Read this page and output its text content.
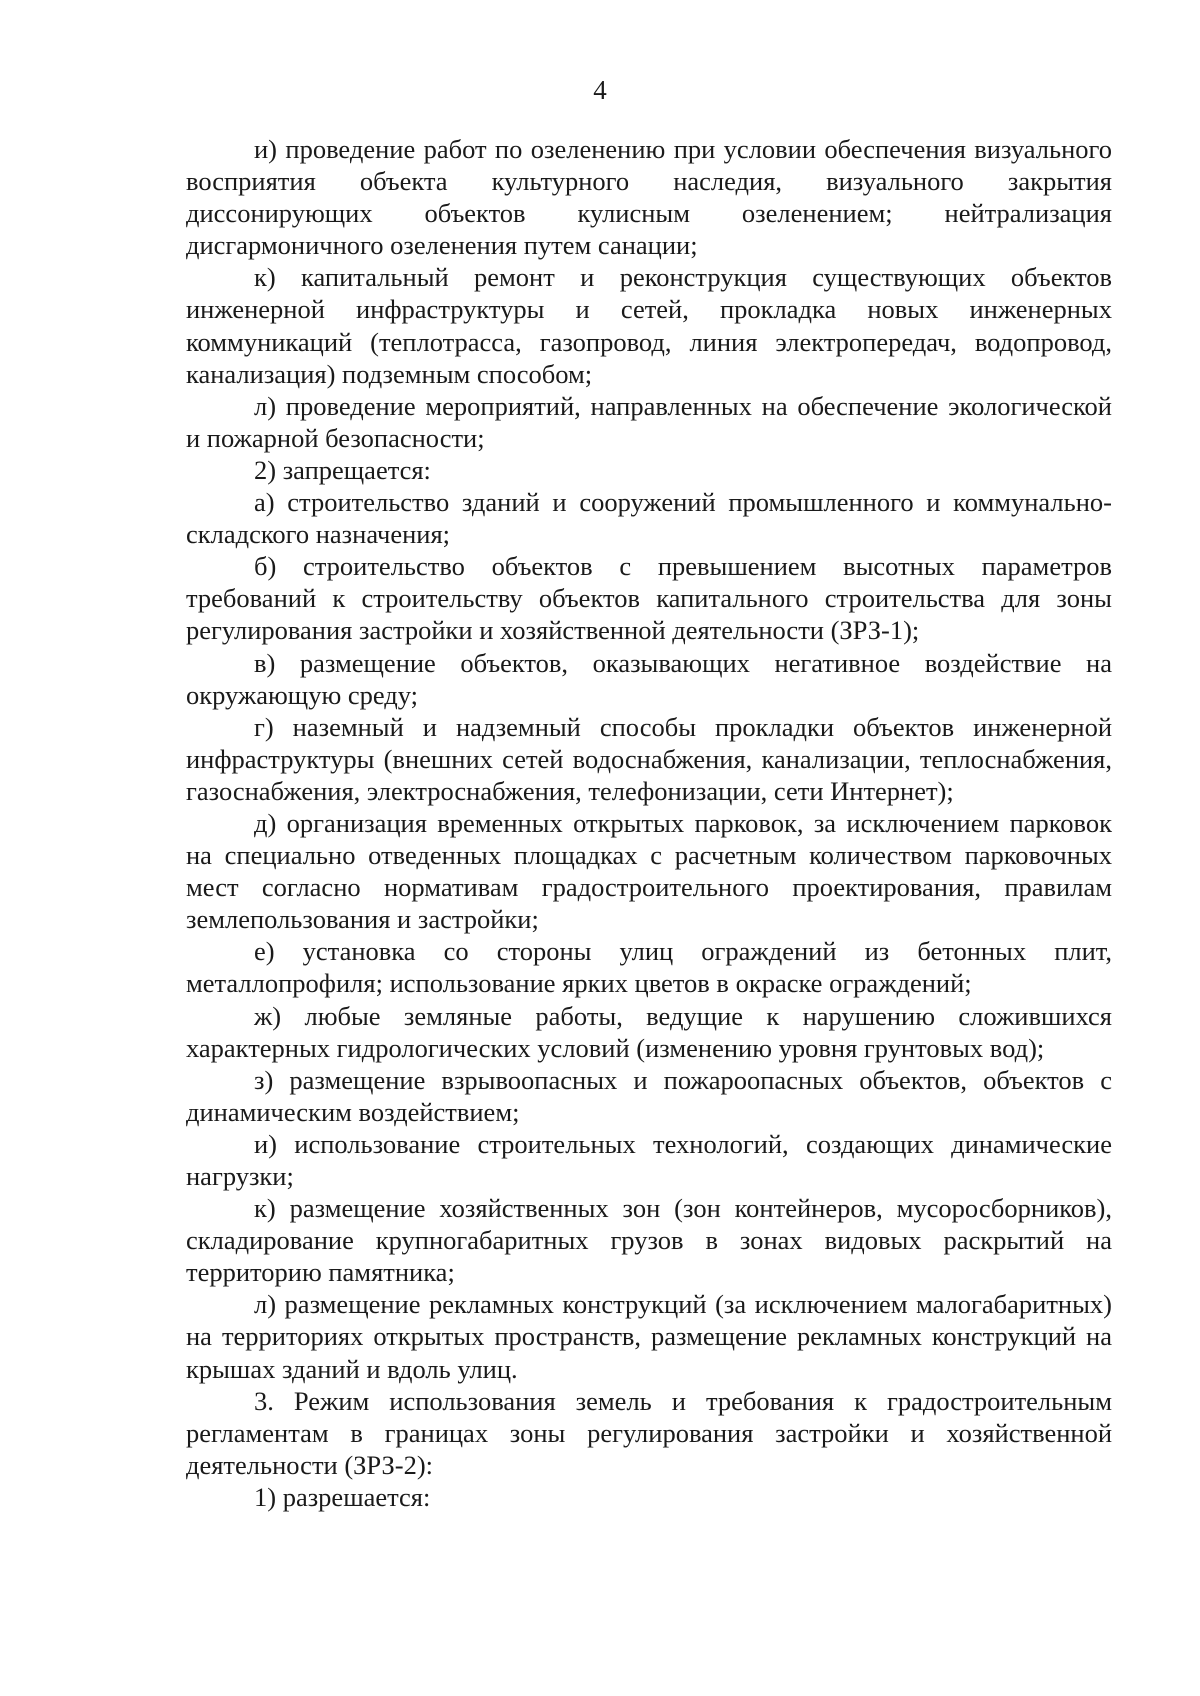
4

и) проведение работ по озеленению при условии обеспечения визуального восприятия объекта культурного наследия, визуального закрытия диссонирующих объектов кулисным озеленением; нейтрализация дисгармоничного озеленения путем санации;

к) капитальный ремонт и реконструкция существующих объектов инженерной инфраструктуры и сетей, прокладка новых инженерных коммуникаций (теплотрасса, газопровод, линия электропередач, водопровод, канализация) подземным способом;

л) проведение мероприятий, направленных на обеспечение экологической и пожарной безопасности;

2) запрещается:

а) строительство зданий и сооружений промышленного и коммунально-складского назначения;

б) строительство объектов с превышением высотных параметров требований к строительству объектов капитального строительства для зоны регулирования застройки и хозяйственной деятельности (ЗРЗ-1);

в) размещение объектов, оказывающих негативное воздействие на окружающую среду;

г) наземный и надземный способы прокладки объектов инженерной инфраструктуры (внешних сетей водоснабжения, канализации, теплоснабжения, газоснабжения, электроснабжения, телефонизации, сети Интернет);

д) организация временных открытых парковок, за исключением парковок на специально отведенных площадках с расчетным количеством парковочных мест согласно нормативам градостроительного проектирования, правилам землепользования и застройки;

е) установка со стороны улиц ограждений из бетонных плит, металлопрофиля; использование ярких цветов в окраске ограждений;

ж) любые земляные работы, ведущие к нарушению сложившихся характерных гидрологических условий (изменению уровня грунтовых вод);

з) размещение взрывоопасных и пожароопасных объектов, объектов с динамическим воздействием;

и) использование строительных технологий, создающих динамические нагрузки;

к) размещение хозяйственных зон (зон контейнеров, мусоросборников), складирование крупногабаритных грузов в зонах видовых раскрытий на территорию памятника;

л) размещение рекламных конструкций (за исключением малогабаритных) на территориях открытых пространств, размещение рекламных конструкций на крышах зданий и вдоль улиц.

3. Режим использования земель и требования к градостроительным регламентам в границах зоны регулирования застройки и хозяйственной деятельности (ЗРЗ-2):

1) разрешается:
